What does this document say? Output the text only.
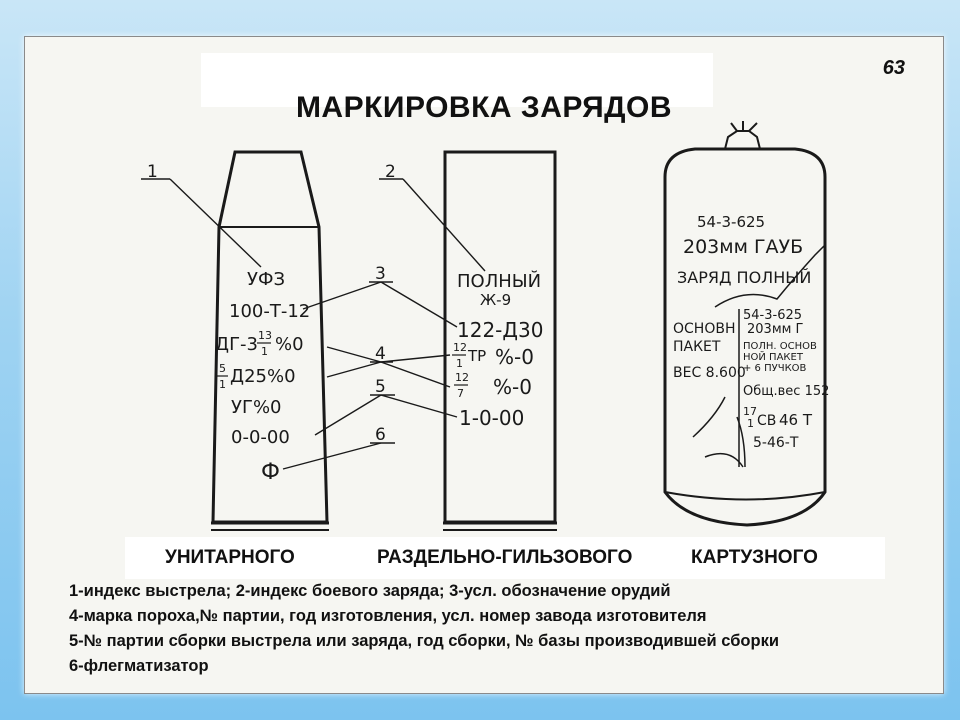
63
МАРКИРОВКА ЗАРЯДОВ
УФЗ
100-Т-12
ДГ-3 13
1 %0
5
1 Д25%0
УГ%0
0-0-00
Ф
ПОЛНЫЙ
Ж-9
122-Д30
12
1 ТР %-0
12
7 %-0
1-0-00
54-3-625
203мм ГАУБ
ЗАРЯД ПОЛНЫЙ
ОСНОВН
ПАКЕТ
ВЕС 8.600
54-3-625
203мм Г
ПОЛН. ОСНОВ
НОЙ ПАКЕТ
+ 6 ПУЧКОВ
Общ.вес 152
17
1 СВ 46 Т
5-46-Т
1	2
3
4
5
6
УНИТАРНОГО	РАЗДЕЛЬНО-ГИЛЬЗОВОГО	КАРТУЗНОГО
1-индекс выстрела; 2-индекс боевого заряда; 3-усл. обозначение орудий
4-марка пороха,№ партии, год изготовления, усл. номер завода изготовителя
5-№ партии сборки выстрела или заряда, год сборки, № базы производившей сборки
6-флегматизатор
